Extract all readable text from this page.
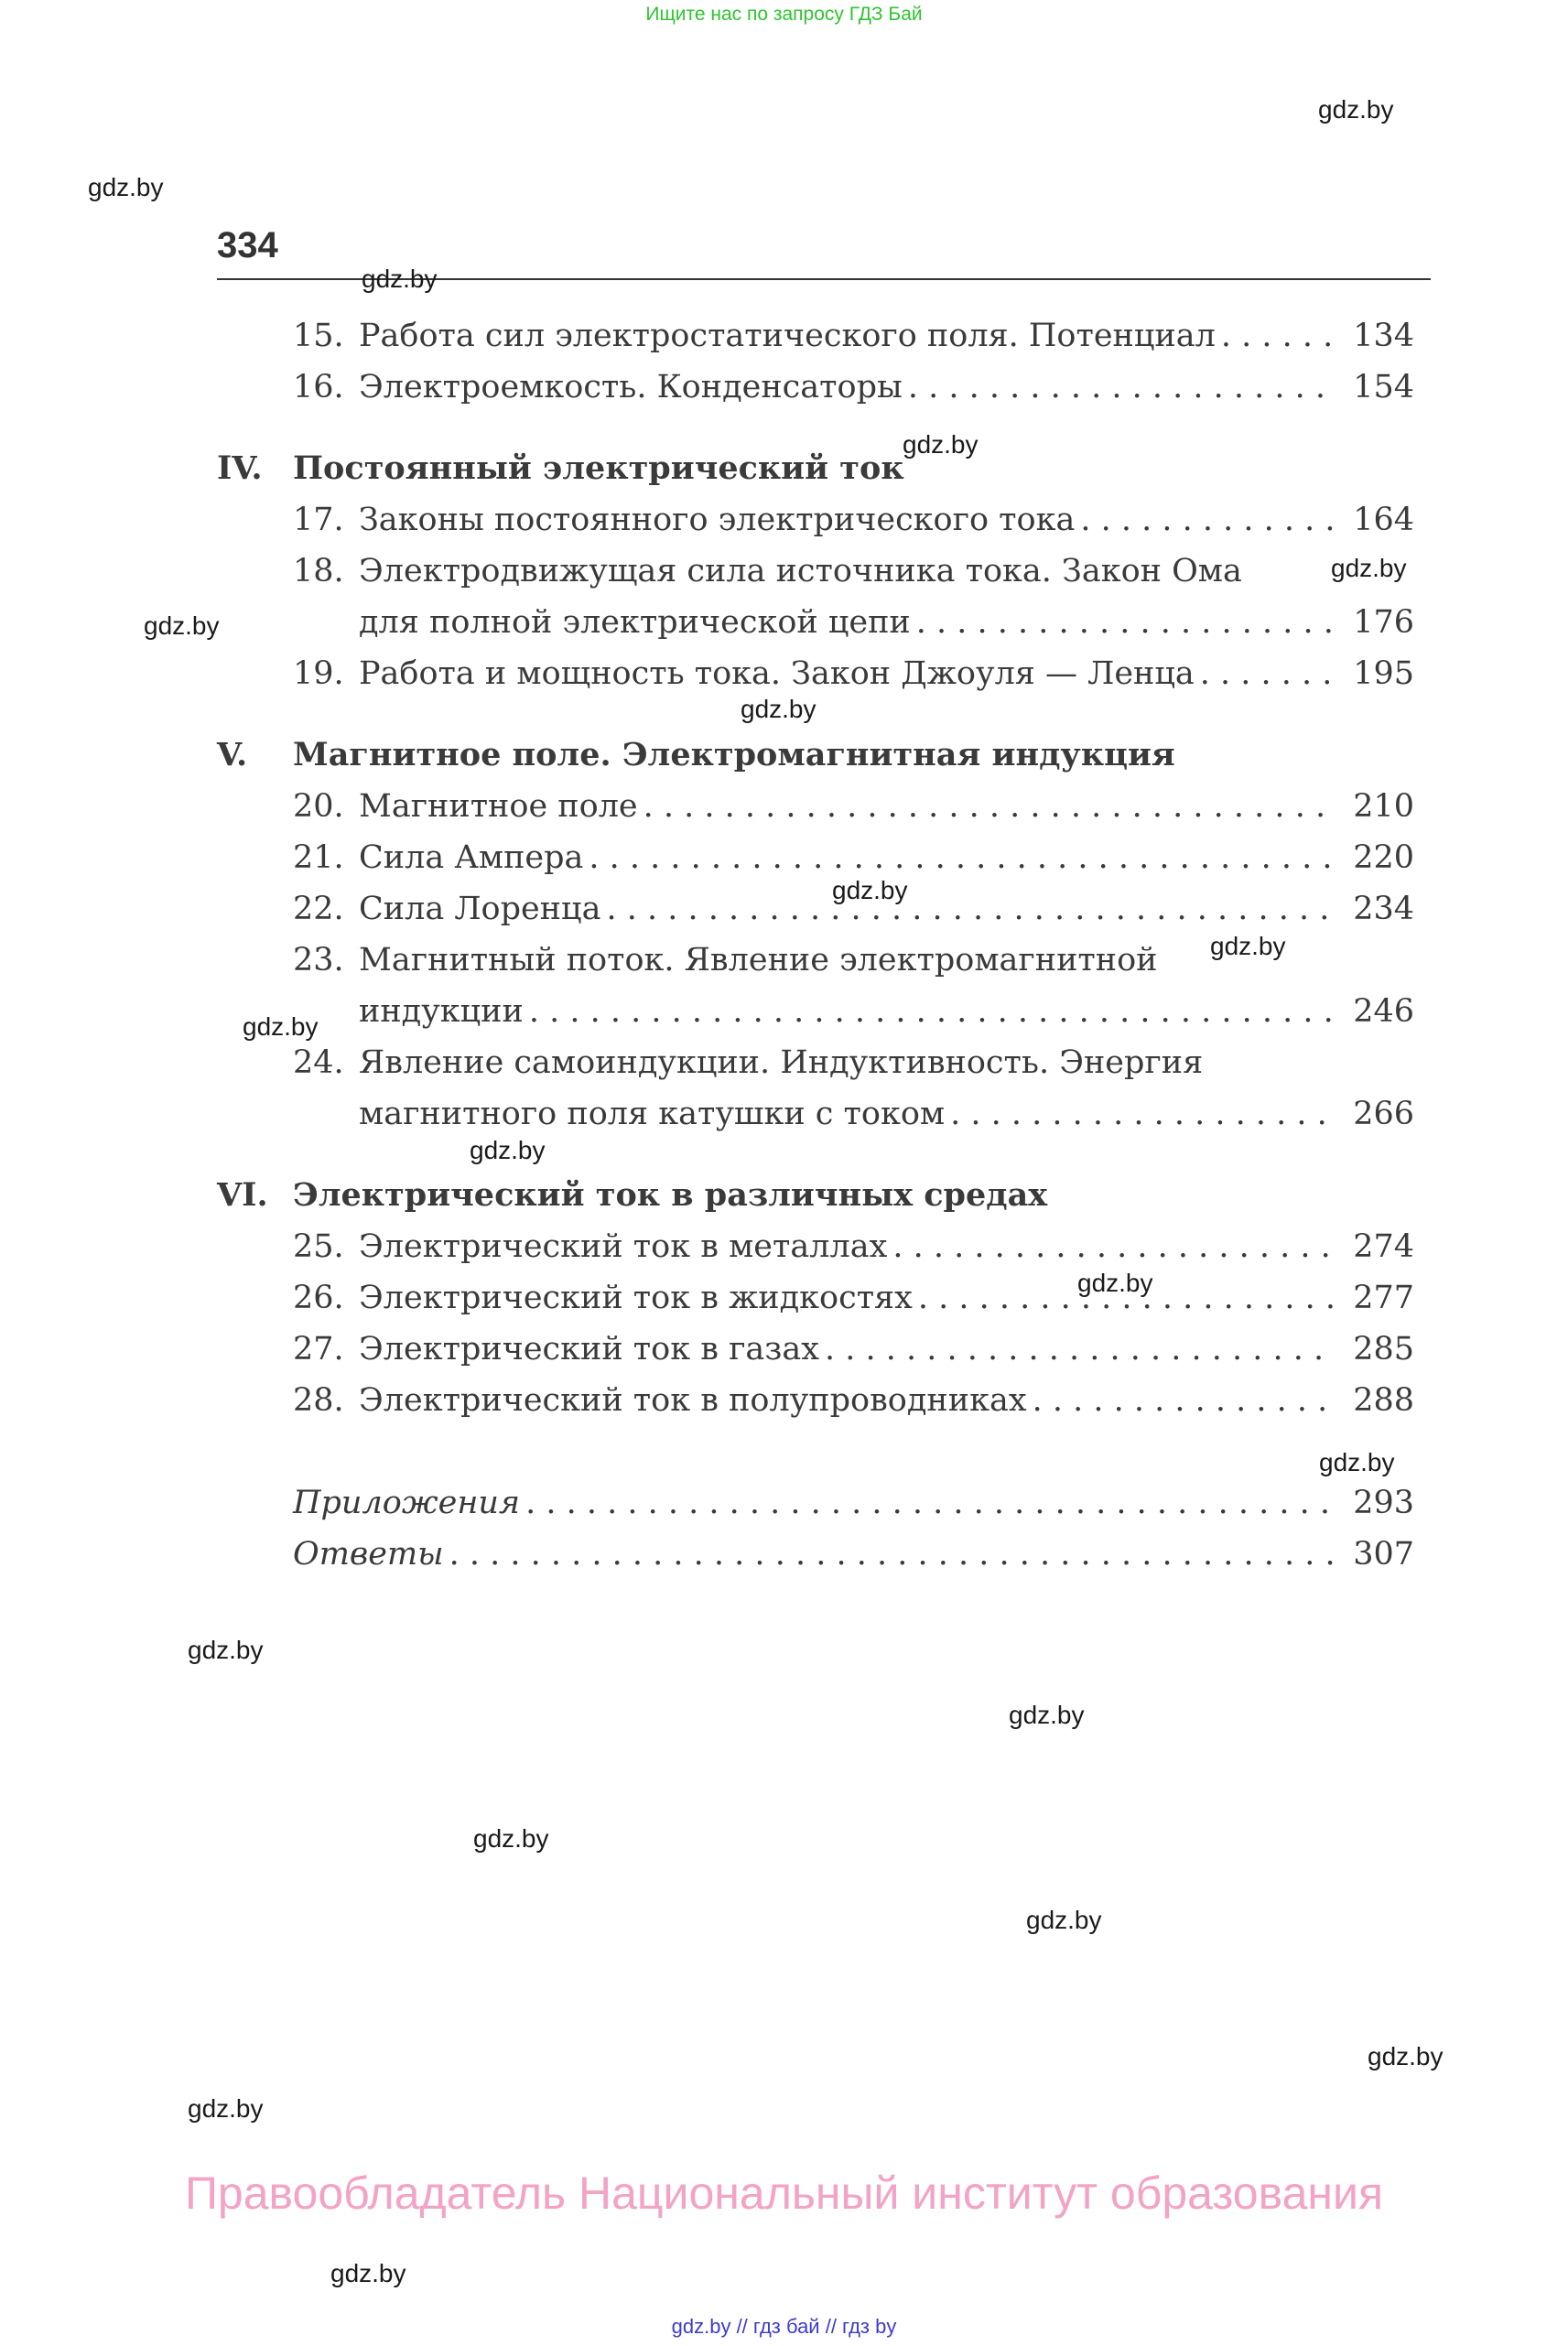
Ищите нас по запросу ГДЗ Бай
334
15. Работа сил электростатического поля. Потенциал . . .	134
16. Электроемкость. Конденсаторы . . .	154
IV. Постоянный электрический ток
17. Законы постоянного электрического тока . . .	164
18. Электродвижущая сила источника тока. Закон Ома
для полной электрической цепи . . .	176
19. Работа и мощность тока. Закон Джоуля — Ленца . . .	195
V. Магнитное поле. Электромагнитная индукция
20. Магнитное поле . . .	210
21. Сила Ампера . . .	220
22. Сила Лоренца . . .	234
23. Магнитный поток. Явление электромагнитной
индукции . . .	246
24. Явление самоиндукции. Индуктивность. Энергия
магнитного поля катушки с током . . .	266
VI. Электрический ток в различных средах
25. Электрический ток в металлах . . .	274
26. Электрический ток в жидкостях . . .	277
27. Электрический ток в газах . . .	285
28. Электрический ток в полупроводниках . . .	288
Приложения . . .	293
Ответы . . .	307
gdz.by
gdz.by
gdz.by
gdz.by
gdz.by
gdz.by
gdz.by
gdz.by
gdz.by
gdz.by
gdz.by
gdz.by
gdz.by
gdz.by
gdz.by
gdz.by
gdz.by
gdz.by
gdz.by
gdz.by
Правообладатель Национальный институт образования
gdz.by // гдз бай // гдз by
